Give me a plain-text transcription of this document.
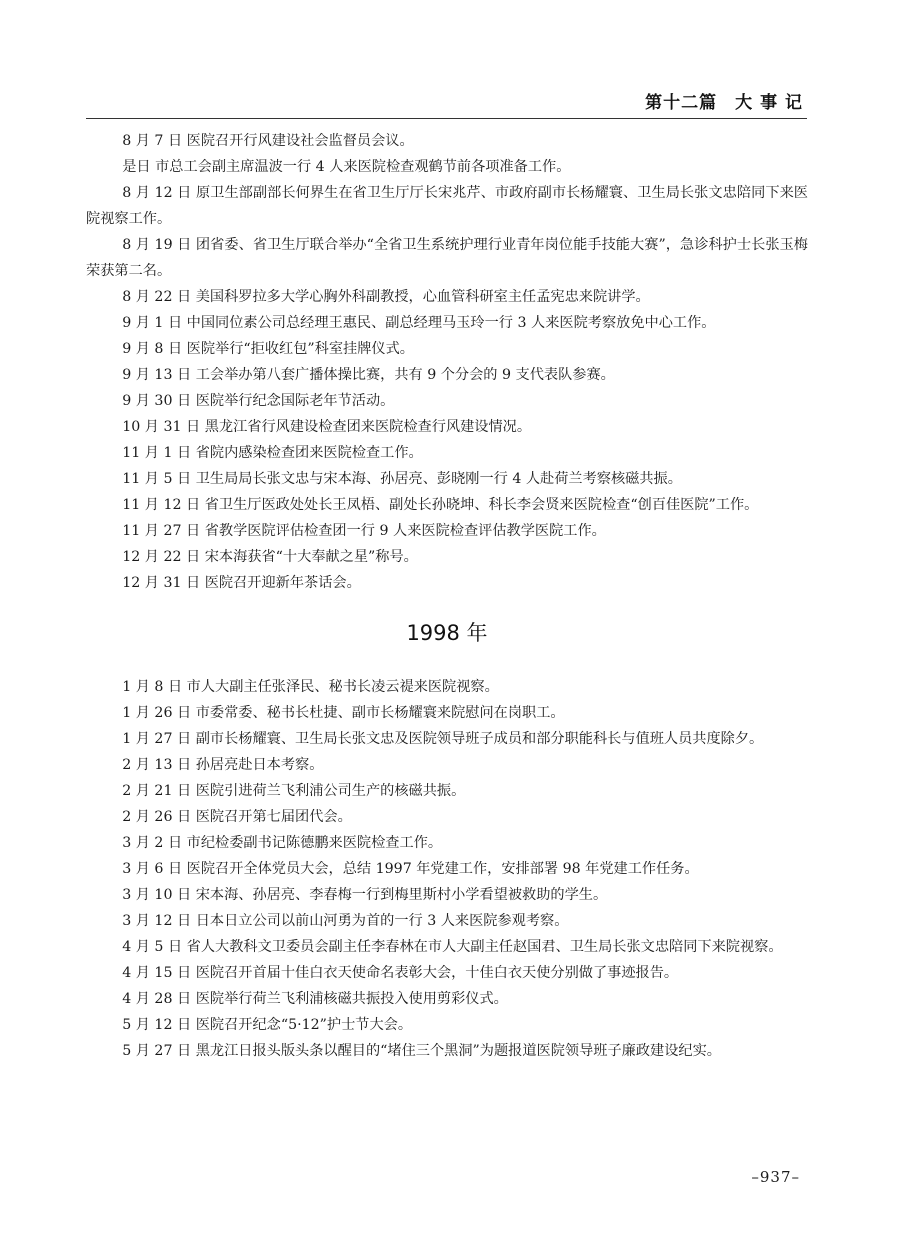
第十二篇　大 事 记

8 月 7 日 医院召开行风建设社会监督员会议。

是日 市总工会副主席温波一行 4 人来医院检查观鹤节前各项准备工作。

8 月 12 日 原卫生部副部长何界生在省卫生厅厅长宋兆芹、市政府副市长杨耀寰、卫生局长张文忠陪同下来医院视察工作。

8 月 19 日 团省委、省卫生厅联合举办“全省卫生系统护理行业青年岗位能手技能大赛”，急诊科护士长张玉梅荣获第二名。

8 月 22 日 美国科罗拉多大学心胸外科副教授，心血管科研室主任孟宪忠来院讲学。

9 月 1 日 中国同位素公司总经理王惠民、副总经理马玉玲一行 3 人来医院考察放免中心工作。

9 月 8 日 医院举行“拒收红包”科室挂牌仪式。

9 月 13 日 工会举办第八套广播体操比赛，共有 9 个分会的 9 支代表队参赛。

9 月 30 日 医院举行纪念国际老年节活动。

10 月 31 日 黑龙江省行风建设检查团来医院检查行风建设情况。

11 月 1 日 省院内感染检查团来医院检查工作。

11 月 5 日 卫生局局长张文忠与宋本海、孙居亮、彭晓刚一行 4 人赴荷兰考察核磁共振。

11 月 12 日 省卫生厅医政处处长王凤梧、副处长孙晓坤、科长李会贤来医院检查“创百佳医院”工作。

11 月 27 日 省教学医院评估检查团一行 9 人来医院检查评估教学医院工作。

12 月 22 日 宋本海获省“十大奉献之星”称号。

12 月 31 日 医院召开迎新年茶话会。

1998 年

1 月 8 日 市人大副主任张泽民、秘书长凌云禔来医院视察。

1 月 26 日 市委常委、秘书长杜捷、副市长杨耀寰来院慰问在岗职工。

1 月 27 日 副市长杨耀寰、卫生局长张文忠及医院领导班子成员和部分职能科长与值班人员共度除夕。

2 月 13 日 孙居亮赴日本考察。

2 月 21 日 医院引进荷兰飞利浦公司生产的核磁共振。

2 月 26 日 医院召开第七届团代会。

3 月 2 日 市纪检委副书记陈德鹏来医院检查工作。

3 月 6 日 医院召开全体党员大会，总结 1997 年党建工作，安排部署 98 年党建工作任务。

3 月 10 日 宋本海、孙居亮、李春梅一行到梅里斯村小学看望被救助的学生。

3 月 12 日 日本日立公司以前山河勇为首的一行 3 人来医院参观考察。

4 月 5 日 省人大教科文卫委员会副主任李春林在市人大副主任赵国君、卫生局长张文忠陪同下来院视察。

4 月 15 日 医院召开首届十佳白衣天使命名表彰大会，十佳白衣天使分别做了事迹报告。

4 月 28 日 医院举行荷兰飞利浦核磁共振投入使用剪彩仪式。

5 月 12 日 医院召开纪念“5·12”护士节大会。

5 月 27 日 黑龙江日报头版头条以醒目的“堵住三个黑洞”为题报道医院领导班子廉政建设纪实。

–937–
